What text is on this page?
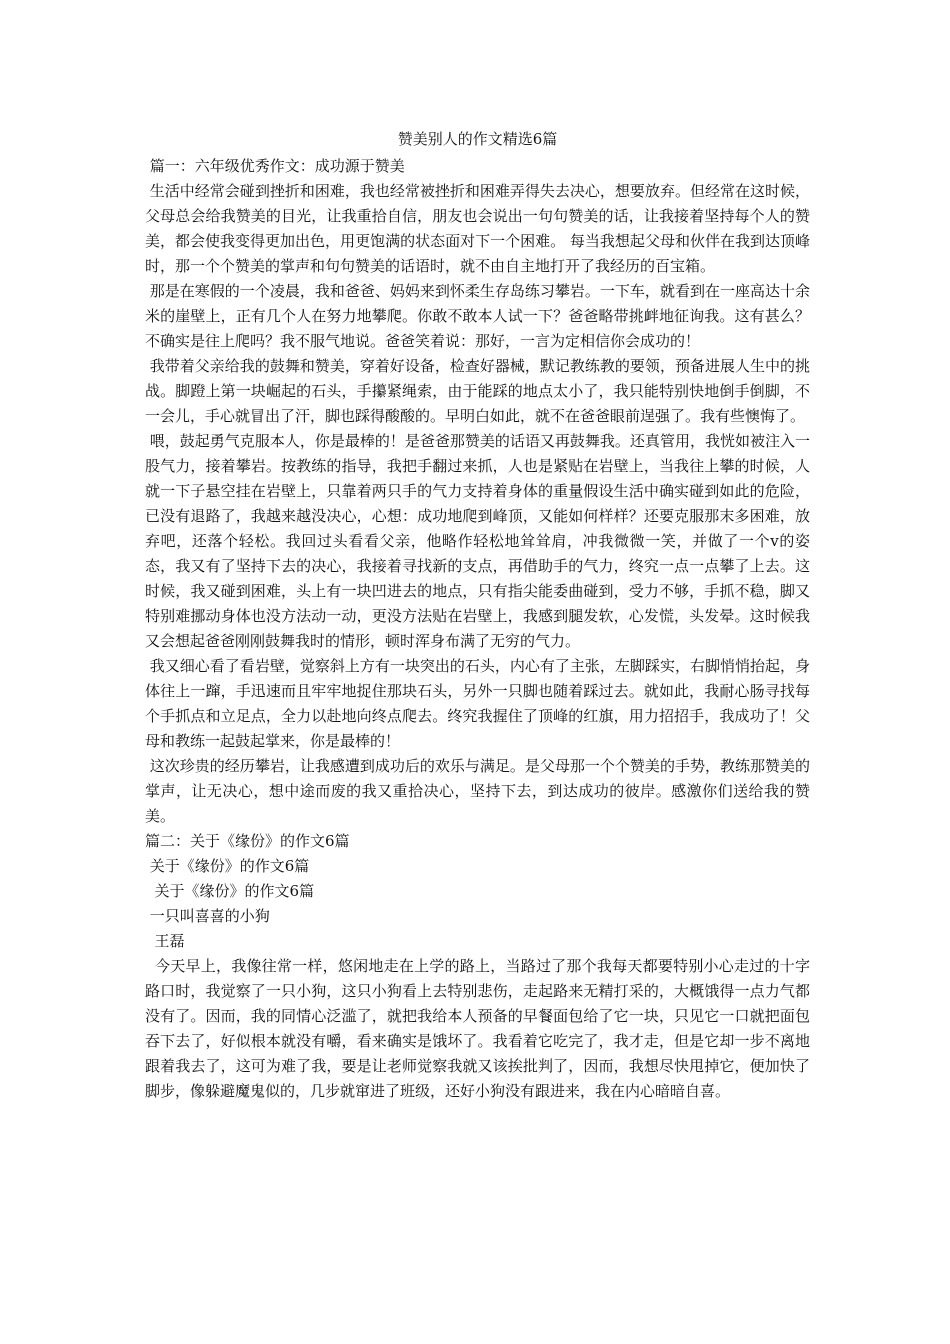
赞美别人的作文精选6篇
篇一：六年级优秀作文：成功源于赞美

生活中经常会碰到挫折和困难，我也经常被挫折和困难弄得失去决心，想要放弃。但经常在这时候，父母总会给我赞美的目光，让我重拾自信，朋友也会说出一句句赞美的话，让我接着坚持每个人的赞美，都会使我变得更加出色，用更饱满的状态面对下一个困难。 每当我想起父母和伙伴在我到达顶峰时，那一个个赞美的掌声和句句赞美的话语时，就不由自主地打开了我经历的百宝箱。

那是在寒假的一个凌晨，我和爸爸、妈妈来到怀柔生存岛练习攀岩。一下车，就看到在一座高达十余米的崖壁上，正有几个人在努力地攀爬。你敢不敢本人试一下？爸爸略带挑衅地征询我。这有甚么？不确实是往上爬吗？我不服气地说。爸爸笑着说：那好，一言为定相信你会成功的！

我带着父亲给我的鼓舞和赞美，穿着好设备，检查好器械，默记教练教的要领，预备进展人生中的挑战。脚蹬上第一块崛起的石头，手攥紧绳索，由于能踩的地点太小了，我只能特别快地倒手倒脚，不一会儿，手心就冒出了汗，脚也踩得酸酸的。早明白如此，就不在爸爸眼前逞强了。我有些懊悔了。

喂，鼓起勇气克服本人，你是最棒的！是爸爸那赞美的话语又再鼓舞我。还真管用，我恍如被注入一股气力，接着攀岩。按教练的指导，我把手翻过来抓，人也是紧贴在岩壁上，当我往上攀的时候，人就一下子悬空挂在岩壁上，只靠着两只手的气力支持着身体的重量假设生活中确实碰到如此的危险，已没有退路了，我越来越没决心，心想：成功地爬到峰顶，又能如何样样？还要克服那末多困难，放弃吧，还落个轻松。我回过头看看父亲，他略作轻松地耸耸肩，冲我微微一笑，并做了一个v的姿态，我又有了坚持下去的决心，我接着寻找新的支点，再借助手的气力，终究一点一点攀了上去。这时候，我又碰到困难，头上有一块凹进去的地点，只有指尖能委曲碰到，受力不够，手抓不稳，脚又特别难挪动身体也没方法动一动，更没方法贴在岩壁上，我感到腿发软，心发慌，头发晕。这时候我又会想起爸爸刚刚鼓舞我时的情形，顿时浑身布满了无穷的气力。

我又细心看了看岩壁，觉察斜上方有一块突出的石头，内心有了主张，左脚踩实，右脚悄悄抬起，身体往上一蹿，手迅速而且牢牢地捉住那块石头，另外一只脚也随着踩过去。就如此，我耐心肠寻找每个手抓点和立足点，全力以赴地向终点爬去。终究我握住了顶峰的红旗，用力招招手，我成功了！父母和教练一起鼓起掌来，你是最棒的！

这次珍贵的经历攀岩，让我感遭到成功后的欢乐与满足。是父母那一个个赞美的手势，教练那赞美的掌声，让无决心，想中途而废的我又重拾决心，坚持下去，到达成功的彼岸。感激你们送给我的赞美。

篇二：关于《缘份》的作文6篇
关于《缘份》的作文6篇
关于《缘份》的作文6篇
一只叫喜喜的小狗
王磊

今天早上，我像往常一样，悠闲地走在上学的路上，当路过了那个我每天都要特别小心走过的十字路口时，我觉察了一只小狗，这只小狗看上去特别悲伤，走起路来无精打采的，大概饿得一点力气都没有了。因而，我的同情心泛滥了，就把我给本人预备的早餐面包给了它一块，只见它一口就把面包吞下去了，好似根本就没有嚼，看来确实是饿坏了。我看着它吃完了，我才走，但是它却一步不离地跟着我去了，这可为难了我，要是让老师觉察我就又该挨批判了，因而，我想尽快甩掉它，便加快了脚步，像躲避魔鬼似的，几步就窜进了班级，还好小狗没有跟进来，我在内心暗暗自喜。
